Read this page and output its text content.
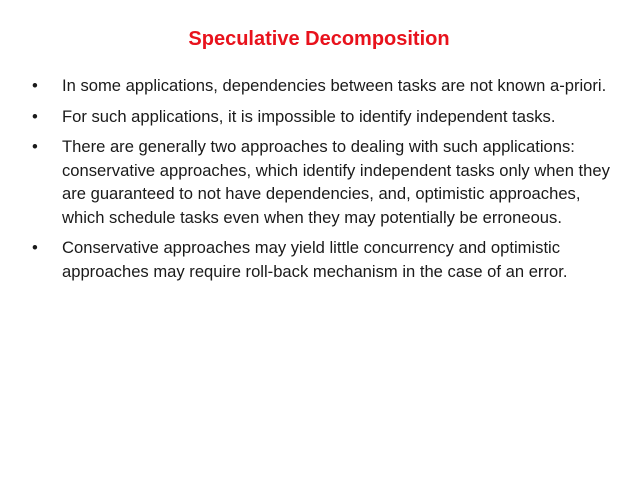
Speculative Decomposition
• In some applications, dependencies between tasks are not known a-priori.
• For such applications, it is impossible to identify independent tasks.
• There are generally two approaches to dealing with such applications: conservative approaches, which identify independent tasks only when they are guaranteed to not have dependencies, and, optimistic approaches, which schedule tasks even when they may potentially be erroneous.
• Conservative approaches may yield little concurrency and optimistic approaches may require roll-back mechanism in the case of an error.
